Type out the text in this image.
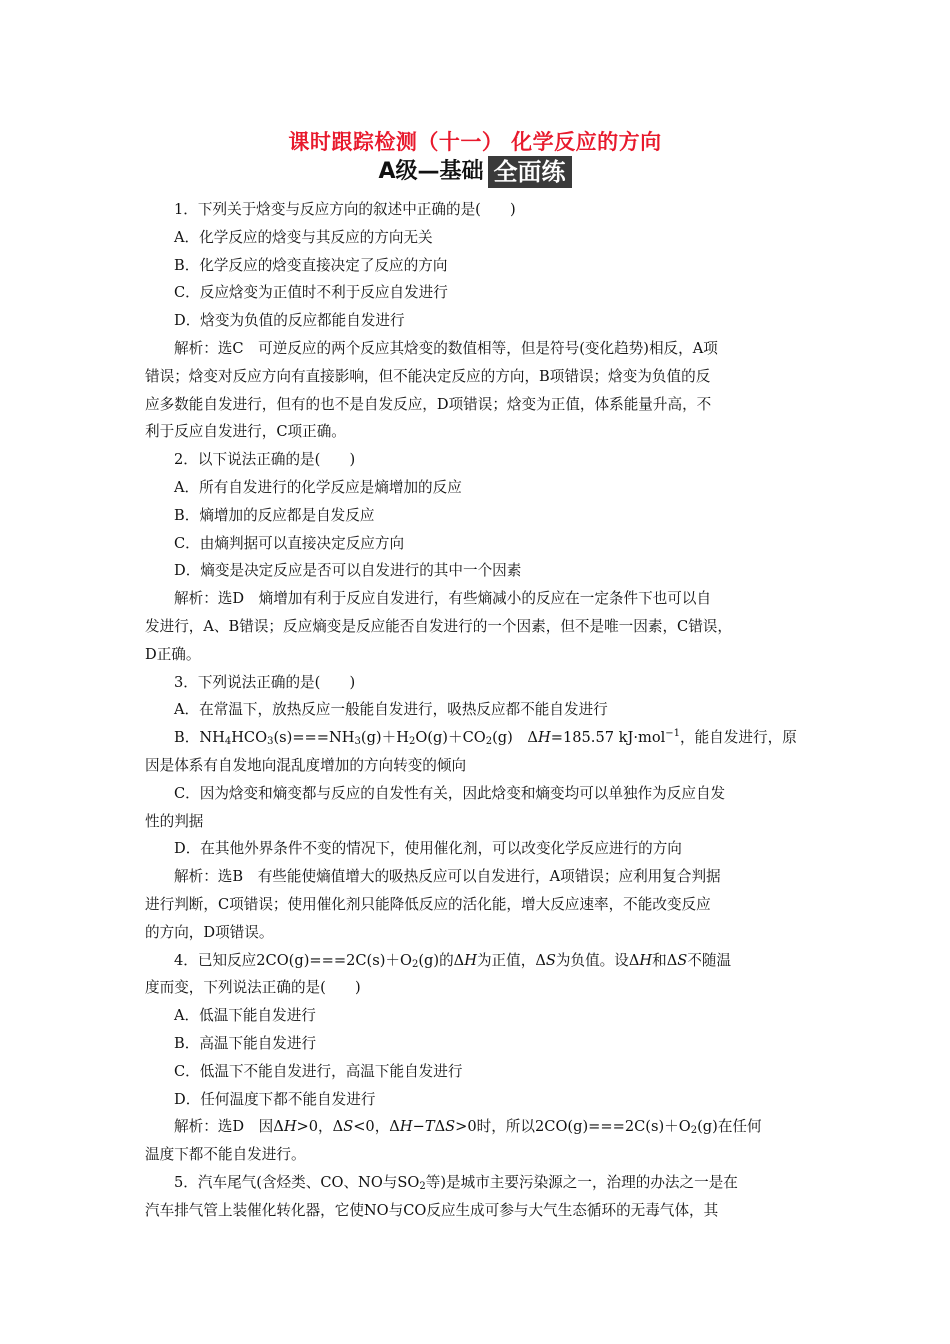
课时跟踪检测（十一） 化学反应的方向
A级—基础 全面练
1．下列关于焓变与反应方向的叙述中正确的是(　　)
A．化学反应的焓变与其反应的方向无关
B．化学反应的焓变直接决定了反应的方向
C．反应焓变为正值时不利于反应自发进行
D．焓变为负值的反应都能自发进行
解析：选C　可逆反应的两个反应其焓变的数值相等，但是符号(变化趋势)相反，A项
错误；焓变对反应方向有直接影响，但不能决定反应的方向，B项错误；焓变为负值的反
应多数能自发进行，但有的也不是自发反应，D项错误；焓变为正值，体系能量升高，不
利于反应自发进行，C项正确。
2．以下说法正确的是(　　)
A．所有自发进行的化学反应是熵增加的反应
B．熵增加的反应都是自发反应
C．由熵判据可以直接决定反应方向
D．熵变是决定反应是否可以自发进行的其中一个因素
解析：选D　熵增加有利于反应自发进行，有些熵减小的反应在一定条件下也可以自
发进行，A、B错误；反应熵变是反应能否自发进行的一个因素，但不是唯一因素，C错误，
D正确。
3．下列说法正确的是(　　)
A．在常温下，放热反应一般能自发进行，吸热反应都不能自发进行
B．$NH_4HCO_3(s)===NH_3(g)+H_2O(g)+CO_2(g)$　ΔH=185.57 kJ·mol$^{-1}$，能自发进行，原
因是体系有自发地向混乱度增加的方向转变的倾向
C．因为焓变和熵变都与反应的自发性有关，因此焓变和熵变均可以单独作为反应自发
性的判据
D．在其他外界条件不变的情况下，使用催化剂，可以改变化学反应进行的方向
解析：选B　有些能使熵值增大的吸热反应可以自发进行，A项错误；应利用复合判据
进行判断，C项错误；使用催化剂只能降低反应的活化能，增大反应速率，不能改变反应
的方向，D项错误。
4．已知反应$2CO(g)===2C(s)+O_2(g)$的ΔH为正值，ΔS为负值。设ΔH和ΔS不随温
度而变，下列说法正确的是(　　)
A．低温下能自发进行
B．高温下能自发进行
C．低温下不能自发进行，高温下能自发进行
D．任何温度下都不能自发进行
解析：选D　因ΔH>0，ΔS<0，ΔH−TΔS>0时，所以$2CO(g)===2C(s)+O_2(g)$在任何
温度下都不能自发进行。
5．汽车尾气(含烃类、CO、NO与$SO_2$等)是城市主要污染源之一，治理的办法之一是在
汽车排气管上装催化转化器，它使NO与CO反应生成可参与大气生态循环的无毒气体，其
